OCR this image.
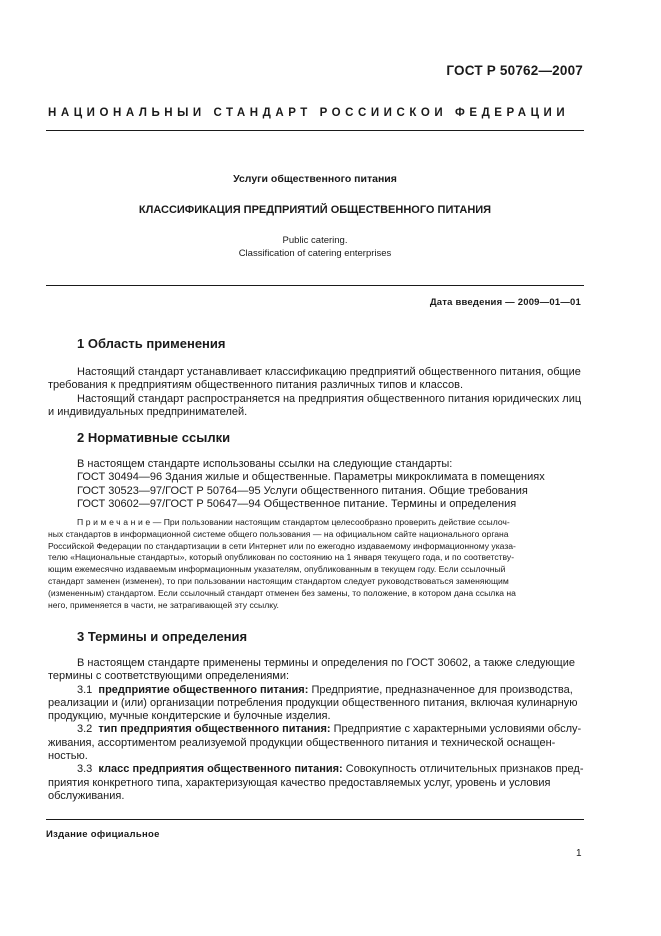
ГОСТ Р 50762—2007
НАЦИОНАЛЬНЫЙ СТАНДАРТ РОССИЙСКОЙ ФЕДЕРАЦИИ
Услуги общественного питания
КЛАССИФИКАЦИЯ ПРЕДПРИЯТИЙ ОБЩЕСТВЕННОГО ПИТАНИЯ
Public catering.
Classification of catering enterprises
Дата введения — 2009—01—01
1 Область применения
Настоящий стандарт устанавливает классификацию предприятий общественного питания, общие
требования к предприятиям общественного питания различных типов и классов.
Настоящий стандарт распространяется на предприятия общественного питания юридических лиц
и индивидуальных предпринимателей.
2 Нормативные ссылки
В настоящем стандарте использованы ссылки на следующие стандарты:
ГОСТ 30494—96 Здания жилые и общественные. Параметры микроклимата в помещениях
ГОСТ 30523—97/ГОСТ Р 50764—95 Услуги общественного питания. Общие требования
ГОСТ 30602—97/ГОСТ Р 50647—94 Общественное питание. Термины и определения
Примечание— При пользовании настоящим стандартом целесообразно проверить действие ссылоч-
ных стандартов в информационной системе общего пользования — на официальном сайте национального органа
Российской Федерации по стандартизации в сети Интернет или по ежегодно издаваемому информационному указа-
телю «Национальные стандарты», который опубликован по состоянию на 1 января текущего года, и по соответству-
ющим ежемесячно издаваемым информационным указателям, опубликованным в текущем году. Если ссылочный
стандарт заменен (изменен), то при пользовании настоящим стандартом следует руководствоваться заменяющим
(измененным) стандартом. Если ссылочный стандарт отменен без замены, то положение, в котором дана ссылка на
него, применяется в части, не затрагивающей эту ссылку.
3 Термины и определения
В настоящем стандарте применены термины и определения по ГОСТ 30602, а также следующие
термины с соответствующими определениями:
3.1 предприятие общественного питания: Предприятие, предназначенное для производства,
реализации и (или) организации потребления продукции общественного питания, включая кулинарную
продукцию, мучные кондитерские и булочные изделия.
3.2 тип предприятия общественного питания: Предприятие с характерными условиями обслу-
живания, ассортиментом реализуемой продукции общественного питания и технической оснащен-
ностью.
3.3 класс предприятия общественного питания: Совокупность отличительных признаков пред-
приятия конкретного типа, характеризующая качество предоставляемых услуг, уровень и условия
обслуживания.
Издание официальное
1
